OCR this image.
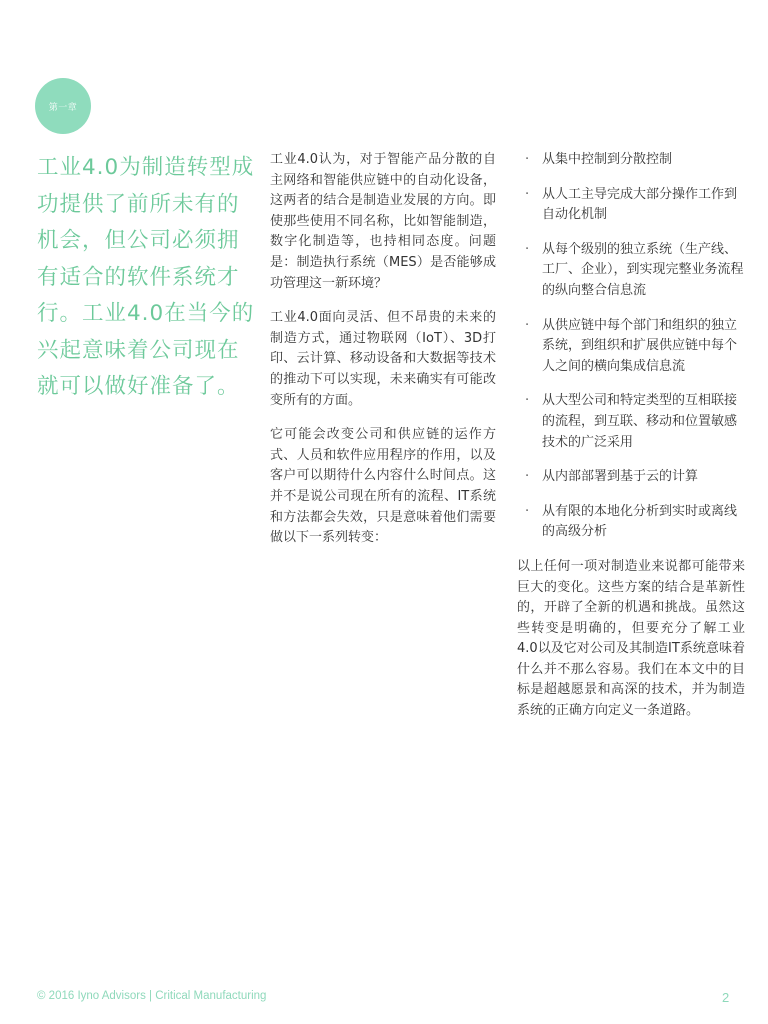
第一章
工业4.0为制造转型成功提供了前所未有的机会，但公司必须拥有适合的软件系统才行。工业4.0在当今的兴起意味着公司现在就可以做好准备了。

工业4.0认为，对于智能产品分散的自主网络和智能供应链中的自动化设备，这两者的结合是制造业发展的方向。即使那些使用不同名称，比如智能制造，数字化制造等，也持相同态度。问题是：制造执行系统（MES）是否能够成功管理这一新环境？

工业4.0面向灵活、但不昂贵的未来的制造方式，通过物联网（IoT）、3D打印、云计算、移动设备和大数据等技术的推动下可以实现，未来确实有可能改变所有的方面。

它可能会改变公司和供应链的运作方式、人员和软件应用程序的作用，以及客户可以期待什么内容什么时间点。这并不是说公司现在所有的流程、IT系统和方法都会失效，只是意味着他们需要做以下一系列转变：

· 从集中控制到分散控制
· 从人工主导完成大部分操作工作到自动化机制
· 从每个级别的独立系统（生产线、工厂、企业），到实现完整业务流程的纵向整合信息流
· 从供应链中每个部门和组织的独立系统，到组织和扩展供应链中每个人之间的横向集成信息流
· 从大型公司和特定类型的互相联接的流程，到互联、移动和位置敏感技术的广泛采用
· 从内部部署到基于云的计算
· 从有限的本地化分析到实时或离线的高级分析

以上任何一项对制造业来说都可能带来巨大的变化。这些方案的结合是革新性的，开辟了全新的机遇和挑战。虽然这些转变是明确的，但要充分了解工业4.0以及它对公司及其制造IT系统意味着什么并不那么容易。我们在本文中的目标是超越愿景和高深的技术，并为制造系统的正确方向定义一条道路。

© 2016 Iyno Advisors | Critical Manufacturing	2
